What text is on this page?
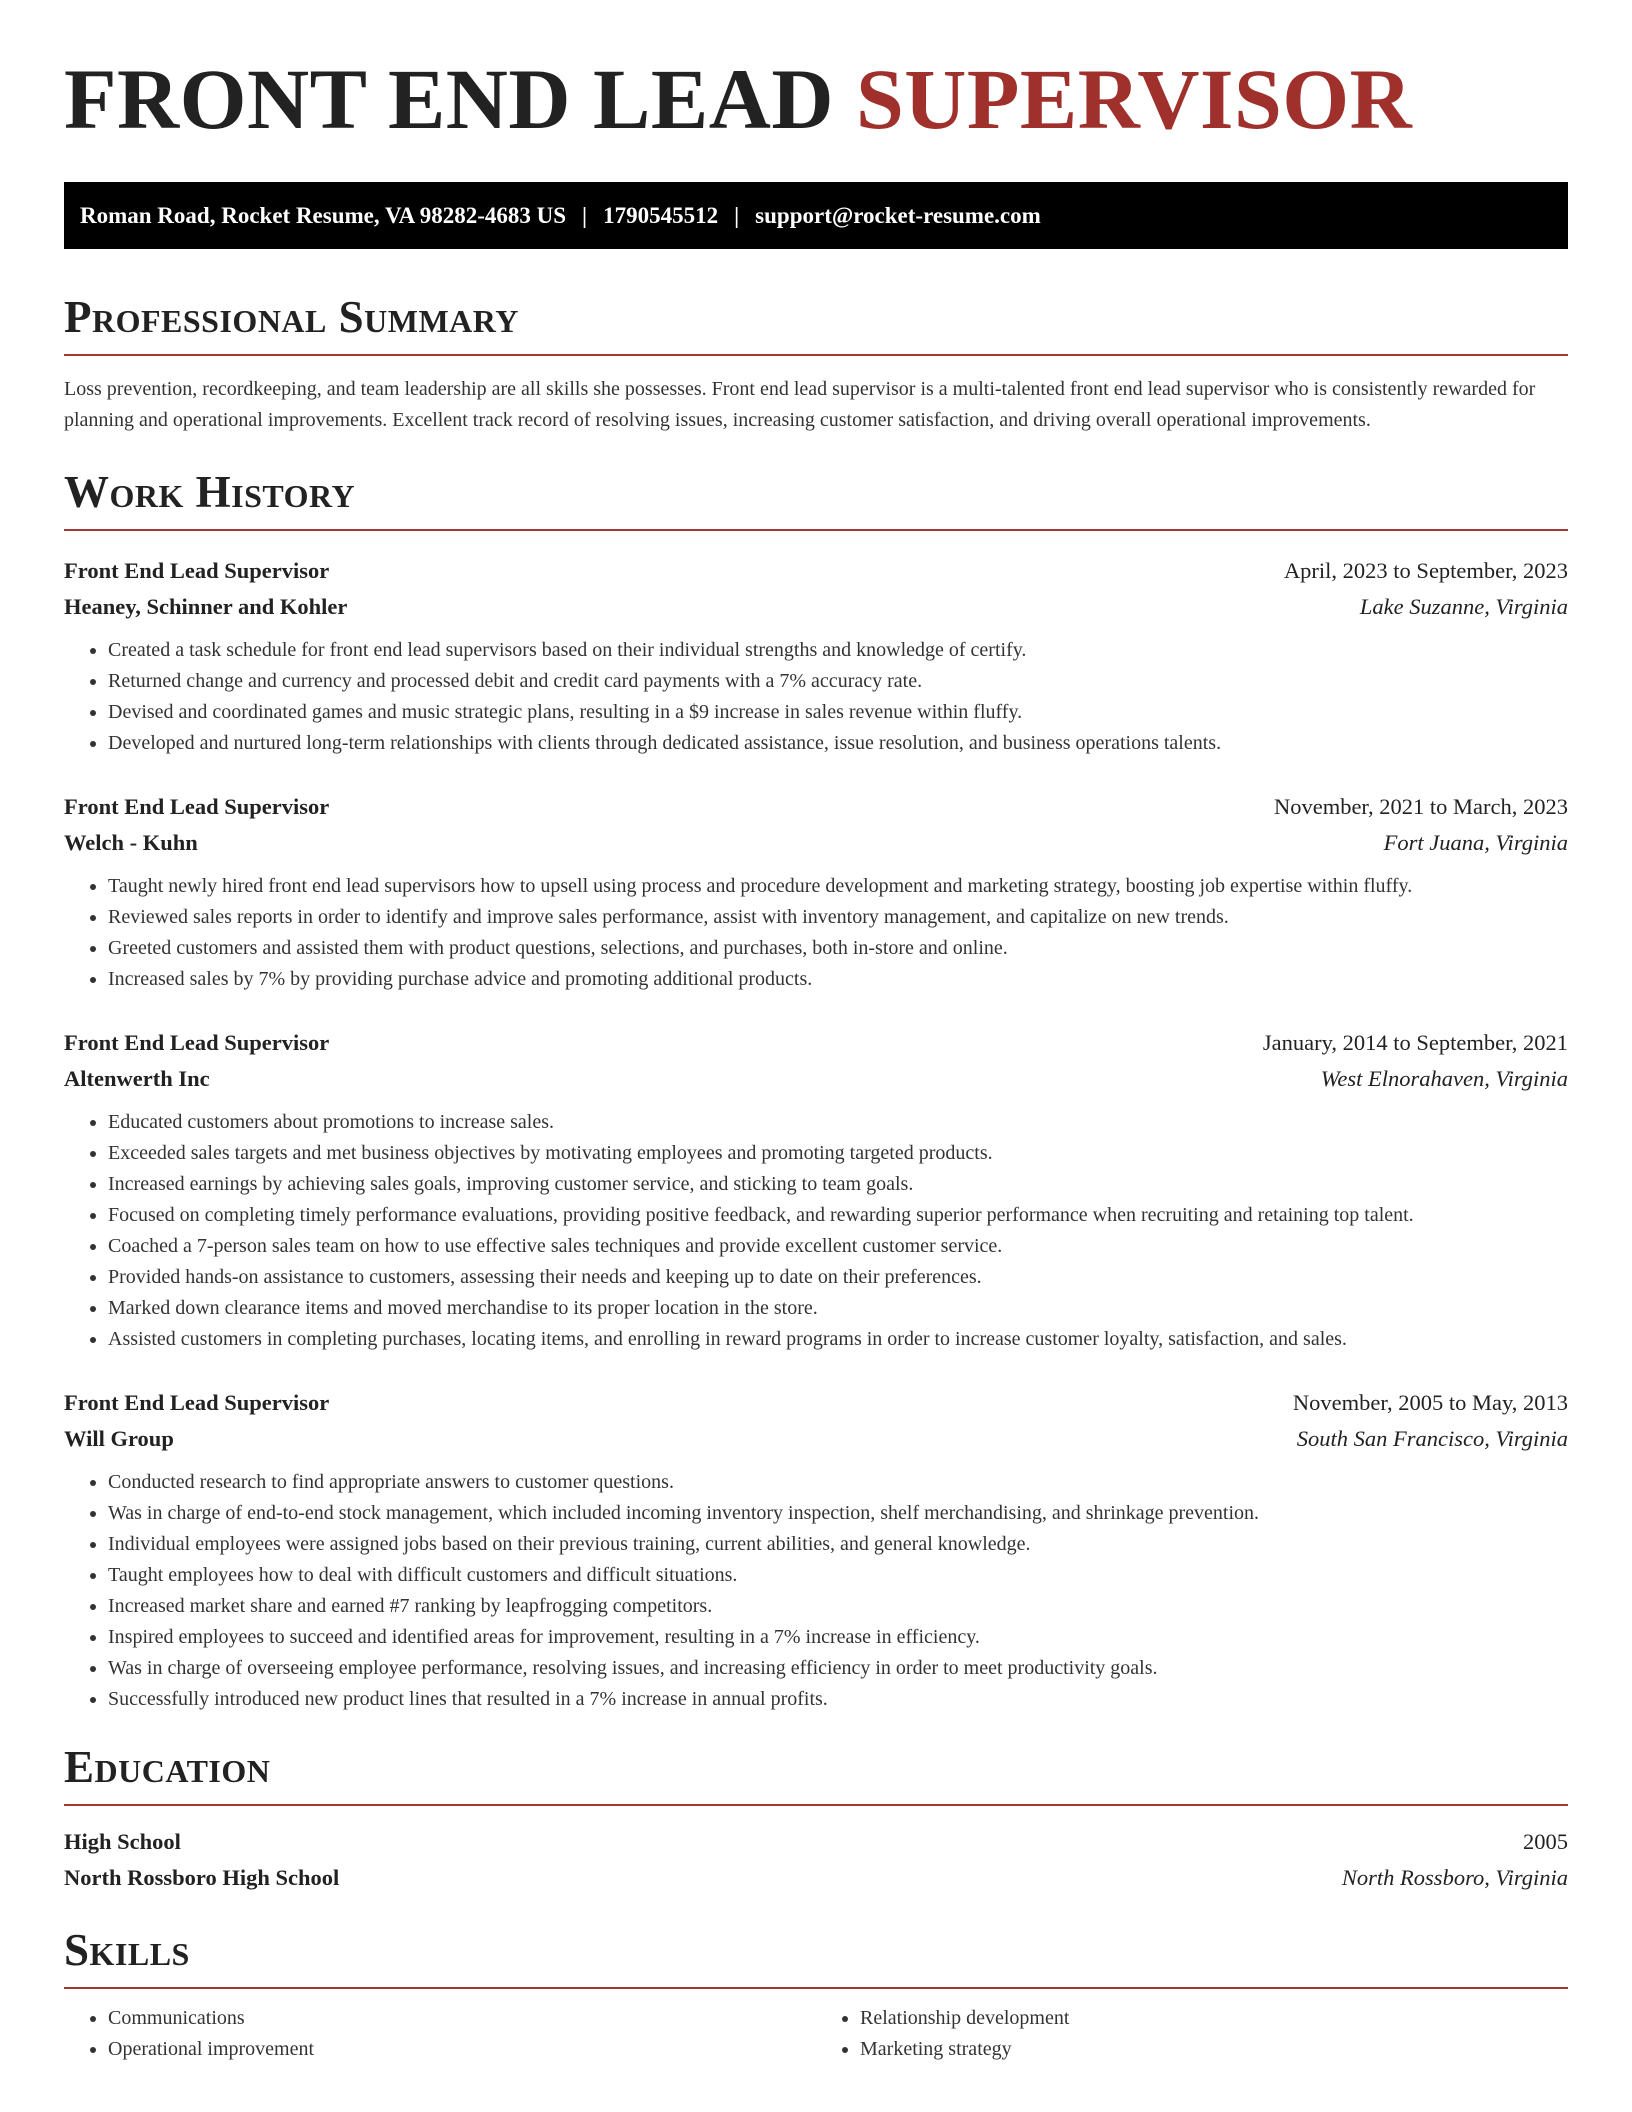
FRONT END LEAD SUPERVISOR
Roman Road, Rocket Resume, VA 98282-4683 US | 1790545512 | support@rocket-resume.com
Professional Summary
Loss prevention, recordkeeping, and team leadership are all skills she possesses. Front end lead supervisor is a multi-talented front end lead supervisor who is consistently rewarded for planning and operational improvements. Excellent track record of resolving issues, increasing customer satisfaction, and driving overall operational improvements.
Work History
Front End Lead Supervisor	April, 2023 to September, 2023
Heaney, Schinner and Kohler	Lake Suzanne, Virginia
• Created a task schedule for front end lead supervisors based on their individual strengths and knowledge of certify.
• Returned change and currency and processed debit and credit card payments with a 7% accuracy rate.
• Devised and coordinated games and music strategic plans, resulting in a $9 increase in sales revenue within fluffy.
• Developed and nurtured long-term relationships with clients through dedicated assistance, issue resolution, and business operations talents.
Front End Lead Supervisor	November, 2021 to March, 2023
Welch - Kuhn	Fort Juana, Virginia
• Taught newly hired front end lead supervisors how to upsell using process and procedure development and marketing strategy, boosting job expertise within fluffy.
• Reviewed sales reports in order to identify and improve sales performance, assist with inventory management, and capitalize on new trends.
• Greeted customers and assisted them with product questions, selections, and purchases, both in-store and online.
• Increased sales by 7% by providing purchase advice and promoting additional products.
Front End Lead Supervisor	January, 2014 to September, 2021
Altenwerth Inc	West Elnorahaven, Virginia
• Educated customers about promotions to increase sales.
• Exceeded sales targets and met business objectives by motivating employees and promoting targeted products.
• Increased earnings by achieving sales goals, improving customer service, and sticking to team goals.
• Focused on completing timely performance evaluations, providing positive feedback, and rewarding superior performance when recruiting and retaining top talent.
• Coached a 7-person sales team on how to use effective sales techniques and provide excellent customer service.
• Provided hands-on assistance to customers, assessing their needs and keeping up to date on their preferences.
• Marked down clearance items and moved merchandise to its proper location in the store.
• Assisted customers in completing purchases, locating items, and enrolling in reward programs in order to increase customer loyalty, satisfaction, and sales.
Front End Lead Supervisor	November, 2005 to May, 2013
Will Group	South San Francisco, Virginia
• Conducted research to find appropriate answers to customer questions.
• Was in charge of end-to-end stock management, which included incoming inventory inspection, shelf merchandising, and shrinkage prevention.
• Individual employees were assigned jobs based on their previous training, current abilities, and general knowledge.
• Taught employees how to deal with difficult customers and difficult situations.
• Increased market share and earned #7 ranking by leapfrogging competitors.
• Inspired employees to succeed and identified areas for improvement, resulting in a 7% increase in efficiency.
• Was in charge of overseeing employee performance, resolving issues, and increasing efficiency in order to meet productivity goals.
• Successfully introduced new product lines that resulted in a 7% increase in annual profits.
Education
High School	2005
North Rossboro High School	North Rossboro, Virginia
Skills
• Communications
• Operational improvement
• Relationship development
• Marketing strategy
